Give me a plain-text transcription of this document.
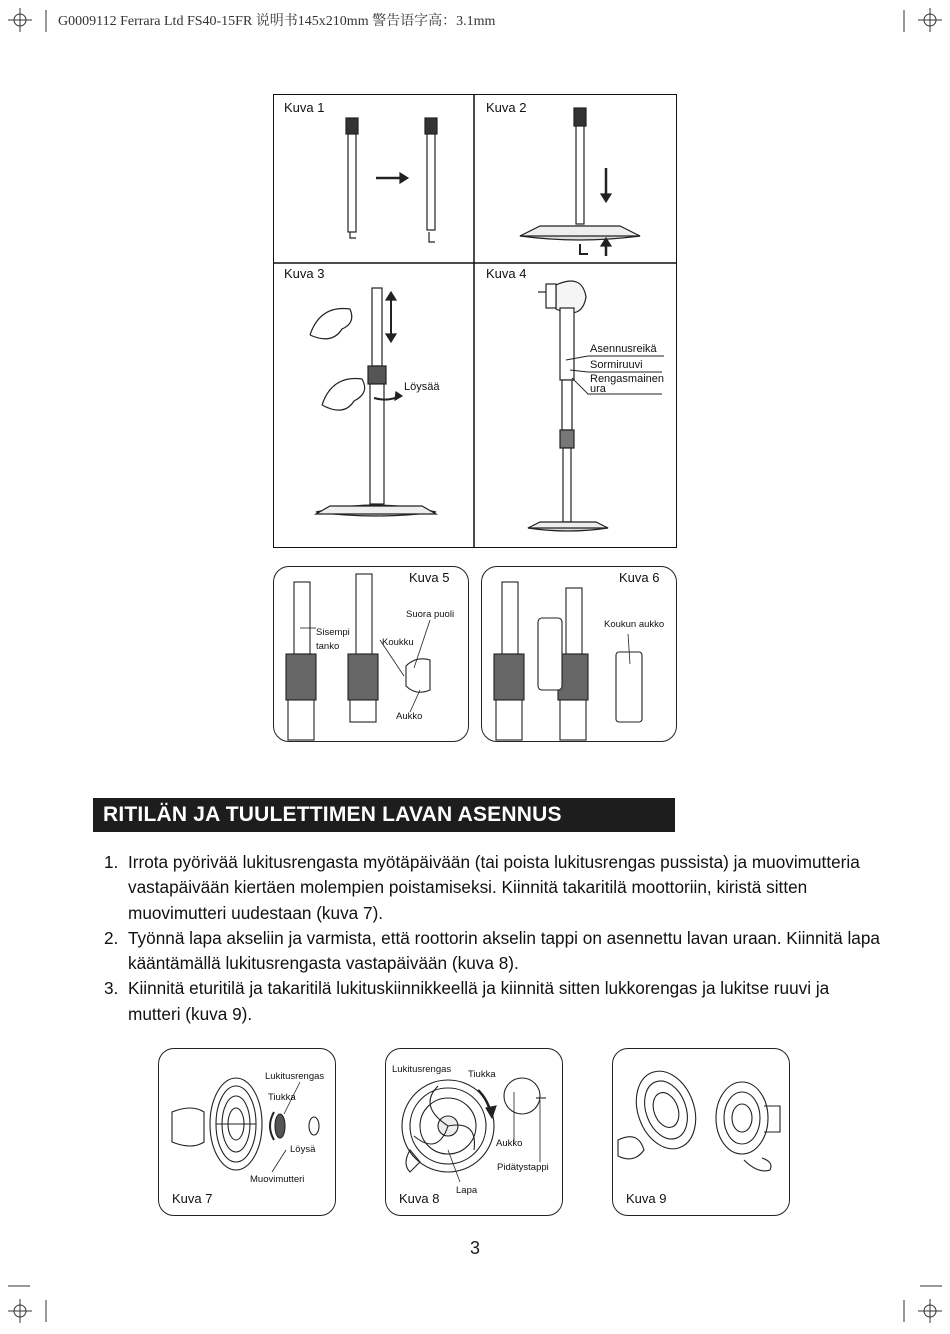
G0009112 Ferrara Ltd FS40-15FR 说明书145x210mm 警告语字高：3.1mm
Kuva 1	Kuva 2
Kuva 3	Kuva 4
Löysää
Asennusreikä
Sormiruuvi
Rengasmainen
ura
Kuva 5	Kuva 6
Sisempi
tanko
Suora puoli
Koukku
Aukko
Koukun aukko
RITILÄN JA TUULETTIMEN LAVAN ASENNUS
1. Irrota pyörivää lukitusrengasta myötäpäivään (tai poista lukitusrengas pussista) ja muovimutteria vastapäivään kiertäen molempien poistamiseksi. Kiinnitä takaritilä moottoriin, kiristä sitten muovimutteri uudestaan (kuva 7).
2. Työnnä lapa akseliin ja varmista, että roottorin akselin tappi on asennettu lavan uraan. Kiinnitä lapa kääntämällä lukitusrengasta vastapäivään (kuva 8).
3. Kiinnitä eturitilä ja takaritilä lukituskiinnikkeellä ja kiinnitä sitten lukkorengas ja lukitse ruuvi ja mutteri (kuva 9).
Kuva 7	Kuva 8	Kuva 9
Lukitusrengas
Tiukka
Löysä
Muovimutteri
Lukitusrengas Tiukka
Aukko
Pidätystappi
Lapa
3
